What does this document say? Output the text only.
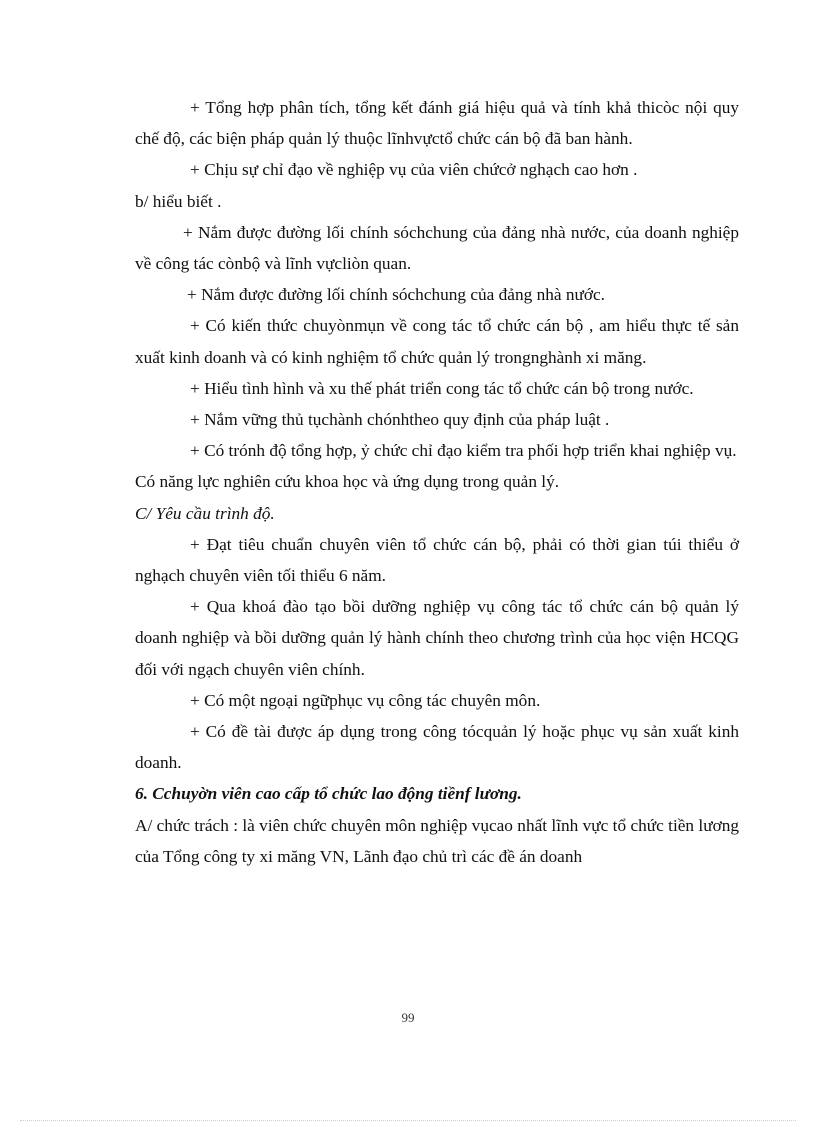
+ Tổng hợp phân tích, tổng kết đánh giá hiệu quả và tính khả thicòc nội quy chế độ, các biện pháp quản lý thuộc lĩnhvựctổ chức cán bộ đã ban hành.

+ Chịu sự chỉ đạo về nghiệp vụ của viên chứcở nghạch cao hơn .

b/ hiểu biết .

+ Nắm được đường lối chính sóchchung của đảng nhà nước, của doanh nghiệp về công tác cònbộ và lĩnh vựcliòn quan.

+ Nắm được đường lối chính sóchchung của đảng nhà nước.

+ Có kiến thức chuyònmụn về cong tác tổ chức cán bộ , am hiểu thực tế sản xuất kinh doanh và có kinh nghiệm tổ chức quản lý trongnghành xi măng.

+ Hiểu tình hình và xu thế phát triển cong tác tổ chức cán bộ trong nước.

+ Nắm vững thủ tụchành chónhtheo quy định của pháp luật .

+ Có trónh độ tổng hợp, ỷ chức chỉ đạo kiểm tra phối hợp triển khai nghiệp vụ.

Có năng lực nghiên cứu khoa học và ứng dụng trong quản lý.

C/ Yêu cầu trình độ.

+ Đạt tiêu chuẩn chuyên viên tổ chức cán bộ, phải có thời gian túi thiểu ở nghạch chuyên viên tối thiểu 6 năm.

+ Qua khoá đào tạo bồi dưỡng nghiệp vụ công tác tổ chức cán bộ quản lý doanh nghiệp và bồi dưỡng quản lý hành chính theo chương trình của học viện HCQG đối với ngạch chuyên viên chính.

+ Có một ngoại ngữphục vụ công tác chuyên môn.

+ Có đề tài được áp dụng trong công tócquản lý hoặc phục vụ sản xuất kinh doanh.

6. Cchuyờn viên cao cấp tổ chức lao động tiềnf lương.

A/ chức trách : là viên chức chuyên môn nghiệp vụcao nhất lĩnh vực tổ chức tiền lương của Tổng công ty xi măng VN, Lãnh đạo chủ trì các đề án doanh

99
